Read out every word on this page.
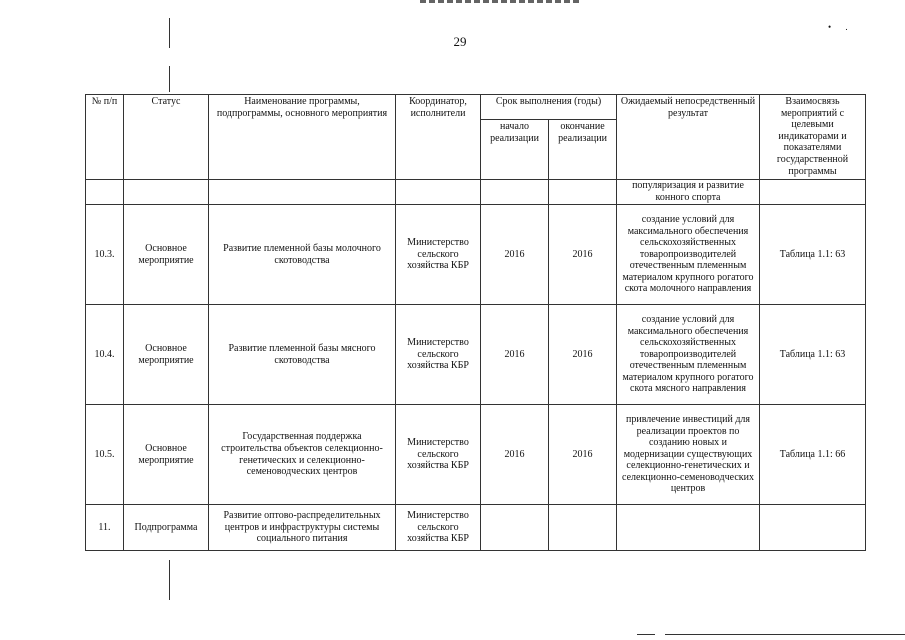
• .
29
№ п/п	Статус	Наименование программы, подпрограммы, основного мероприятия	Координатор, исполнители	Срок выполнения (годы)		Ожидаемый непосредственный результат	Взаимосвязь мероприятий с целевыми индикаторами и показателями государственной программы
				начало реализации	окончание реализации		
						популяризация и развитие конного спорта	
10.3.	Основное мероприятие	Развитие племенной базы молочного скотоводства	Министерство сельского хозяйства КБР	2016	2016	создание условий для максимального обеспечения сельскохозяйственных товаропроизводителей отечественным племенным материалом крупного рогатого скота молочного направления	Таблица 1.1: 63
10.4.	Основное мероприятие	Развитие племенной базы мясного скотоводства	Министерство сельского хозяйства КБР	2016	2016	создание условий для максимального обеспечения сельскохозяйственных товаропроизводителей отечественным племенным материалом крупного рогатого скота мясного направления	Таблица 1.1: 63
10.5.	Основное мероприятие	Государственная поддержка строительства объектов селекционно-генетических и селекционно-семеноводческих центров	Министерство сельского хозяйства КБР	2016	2016	привлечение инвестиций для реализации проектов по созданию новых и модернизации существующих селекционно-генетических и селекционно-семеноводческих центров	Таблица 1.1: 66
11.	Подпрограмма	Развитие оптово-распределительных центров и инфраструктуры системы социального питания	Министерство сельского хозяйства КБР				
